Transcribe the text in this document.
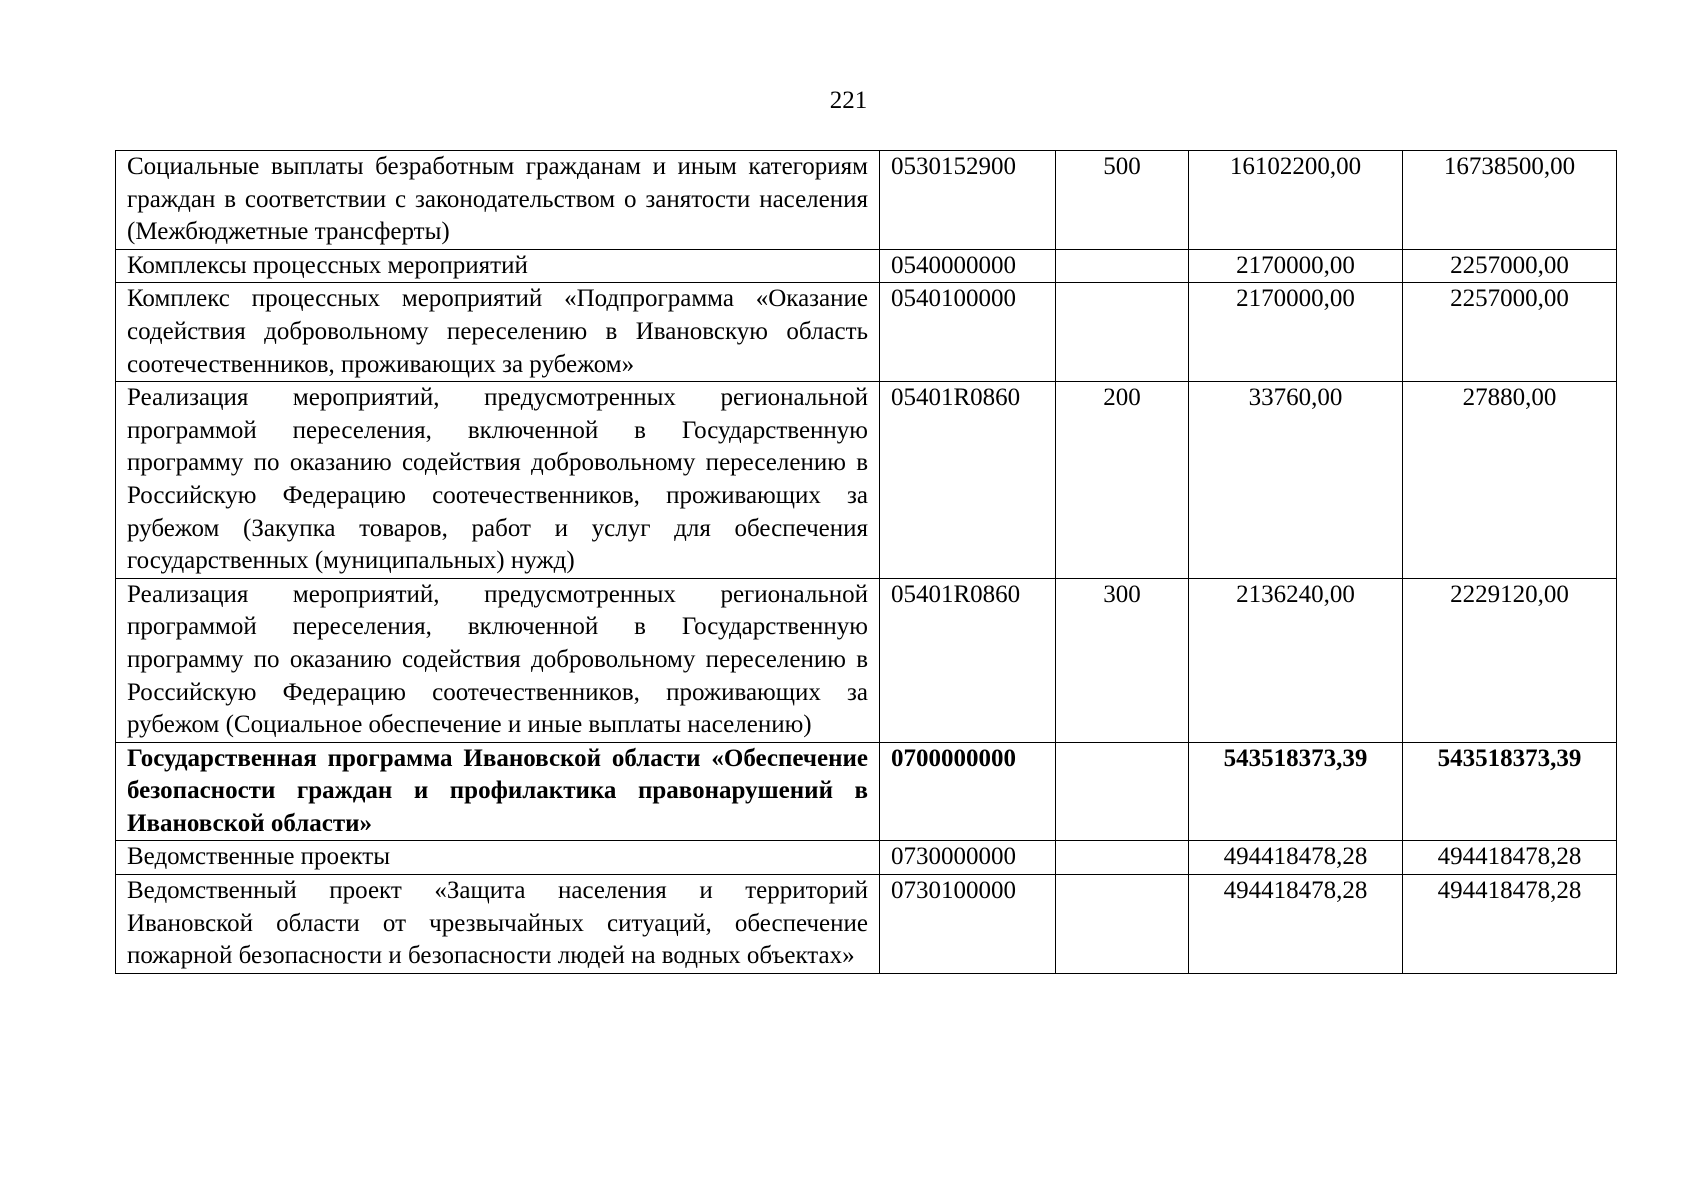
221
Социальные выплаты безработным гражданам и иным категориям граждан в соответствии с законодательством о занятости населения (Межбюджетные трансферты)	0530152900	500	16102200,00	16738500,00
Комплексы процессных мероприятий	0540000000		2170000,00	2257000,00
Комплекс процессных мероприятий «Подпрограмма «Оказание содействия добровольному переселению в Ивановскую область соотечественников, проживающих за рубежом»	0540100000		2170000,00	2257000,00
Реализация мероприятий, предусмотренных региональной программой переселения, включенной в Государственную программу по оказанию содействия добровольному переселению в Российскую Федерацию соотечественников, проживающих за рубежом (Закупка товаров, работ и услуг для обеспечения государственных (муниципальных) нужд)	05401R0860	200	33760,00	27880,00
Реализация мероприятий, предусмотренных региональной программой переселения, включенной в Государственную программу по оказанию содействия добровольному переселению в Российскую Федерацию соотечественников, проживающих за рубежом (Социальное обеспечение и иные выплаты населению)	05401R0860	300	2136240,00	2229120,00
Государственная программа Ивановской области «Обеспечение безопасности граждан и профилактика правонарушений в Ивановской области»	0700000000		543518373,39	543518373,39
Ведомственные проекты	0730000000		494418478,28	494418478,28
Ведомственный проект «Защита населения и территорий Ивановской области от чрезвычайных ситуаций, обеспечение пожарной безопасности и безопасности людей на водных объектах»	0730100000		494418478,28	494418478,28
